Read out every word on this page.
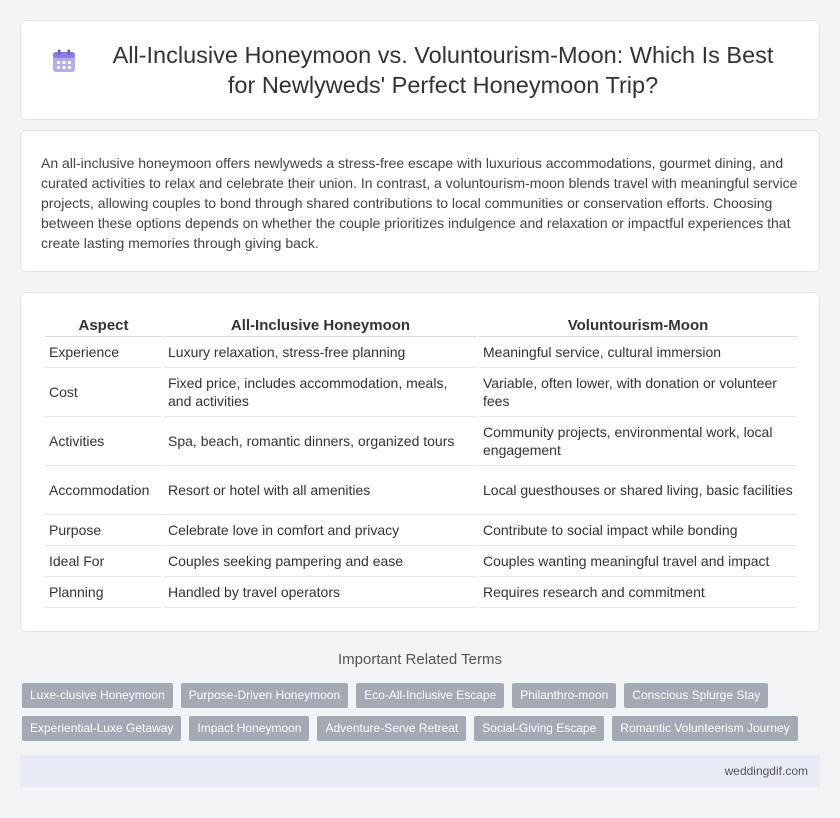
All-Inclusive Honeymoon vs. Voluntourism-Moon: Which Is Best for Newlyweds' Perfect Honeymoon Trip?

An all-inclusive honeymoon offers newlyweds a stress-free escape with luxurious accommodations, gourmet dining, and curated activities to relax and celebrate their union. In contrast, a voluntourism-moon blends travel with meaningful service projects, allowing couples to bond through shared contributions to local communities or conservation efforts. Choosing between these options depends on whether the couple prioritizes indulgence and relaxation or impactful experiences that create lasting memories through giving back.

Aspect	All-Inclusive Honeymoon	Voluntourism-Moon
Experience	Luxury relaxation, stress-free planning	Meaningful service, cultural immersion
Cost	Fixed price, includes accommodation, meals, and activities	Variable, often lower, with donation or volunteer fees
Activities	Spa, beach, romantic dinners, organized tours	Community projects, environmental work, local engagement
Accommodation	Resort or hotel with all amenities	Local guesthouses or shared living, basic facilities
Purpose	Celebrate love in comfort and privacy	Contribute to social impact while bonding
Ideal For	Couples seeking pampering and ease	Couples wanting meaningful travel and impact
Planning	Handled by travel operators	Requires research and commitment
Important Related Terms
Luxe-clusive Honeymoon	Purpose-Driven Honeymoon	Eco-All-Inclusive Escape	Philanthro-moon	Conscious Splurge Stay
Experiential-Luxe Getaway	Impact Honeymoon	Adventure-Serve Retreat	Social-Giving Escape	Romantic Volunteerism Journey
weddingdif.com
